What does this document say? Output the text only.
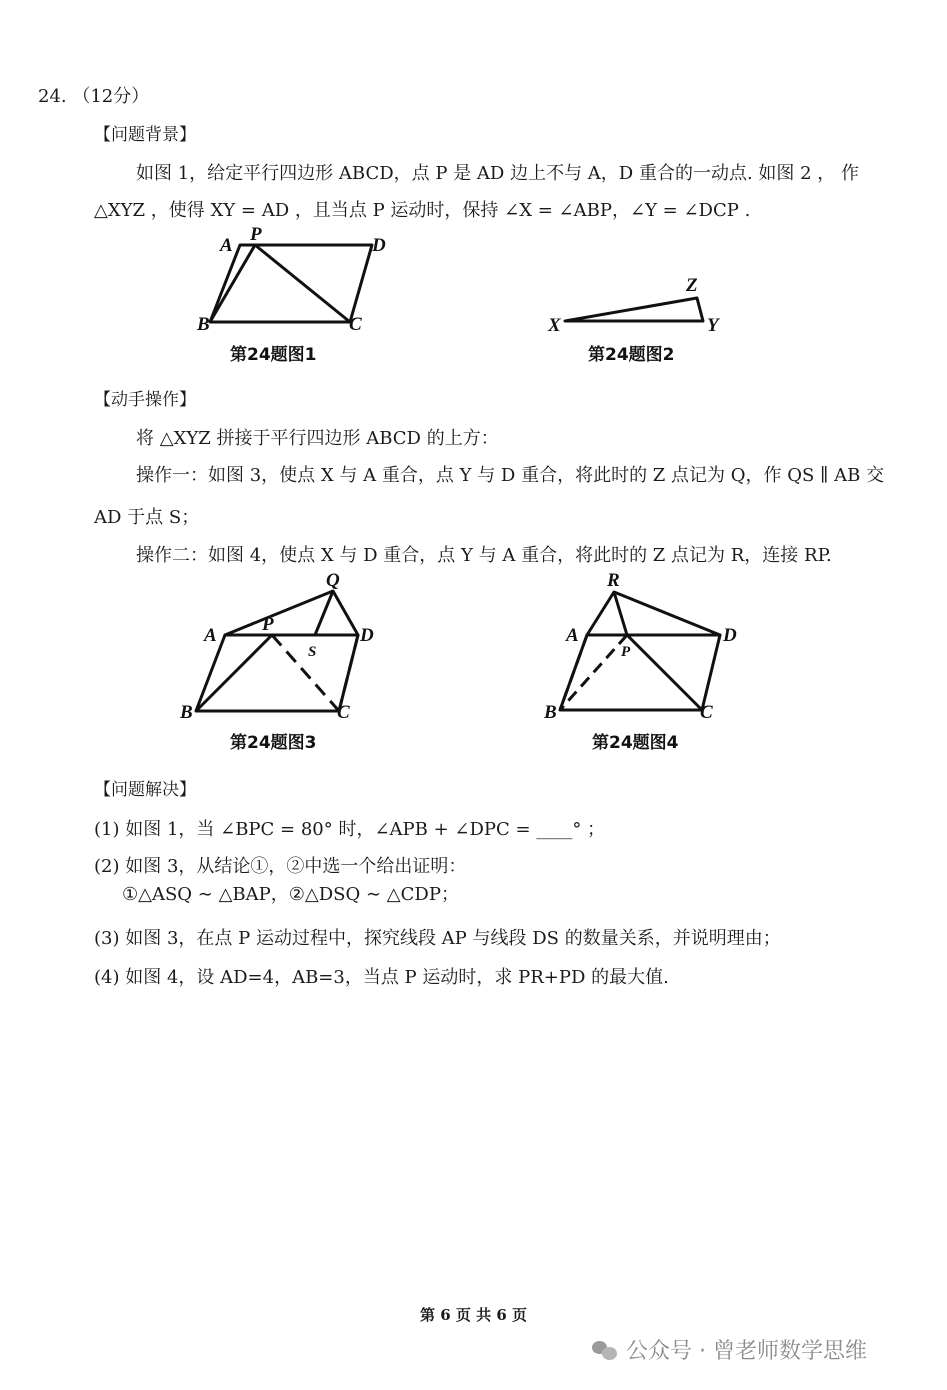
24. （12分）
【问题背景】
如图 1，给定平行四边形 ABCD，点 P 是 AD 边上不与 A，D 重合的一动点. 如图 2 ， 作
△XYZ ，使得 XY = AD ，且当点 P 运动时，保持 ∠X = ∠ABP，∠Y = ∠DCP .
A
P
D
B	C
第24题图1
Z
X	Y
第24题图2
Q
A
P
S
D
B	C
第24题图3
R
A
P
D
B	C
第24题图4
【动手操作】
将 △XYZ 拼接于平行四边形 ABCD 的上方：
操作一：如图 3，使点 X 与 A 重合，点 Y 与 D 重合，将此时的 Z 点记为 Q，作 QS ∥ AB 交
AD 于点 S；
操作二：如图 4，使点 X 与 D 重合，点 Y 与 A 重合，将此时的 Z 点记为 R，连接 RP.
【问题解决】
(1) 如图 1，当 ∠BPC = 80° 时，∠APB + ∠DPC = ____° ；
(2) 如图 3，从结论①，②中选一个给出证明：
①△ASQ ∼ △BAP，②△DSQ ∼ △CDP；
(3) 如图 3，在点 P 运动过程中，探究线段 AP 与线段 DS 的数量关系，并说明理由；
(4) 如图 4，设 AD=4，AB=3，当点 P 运动时，求 PR+PD 的最大值.
第 6 页 共 6 页
公众号 · 曾老师数学思维
